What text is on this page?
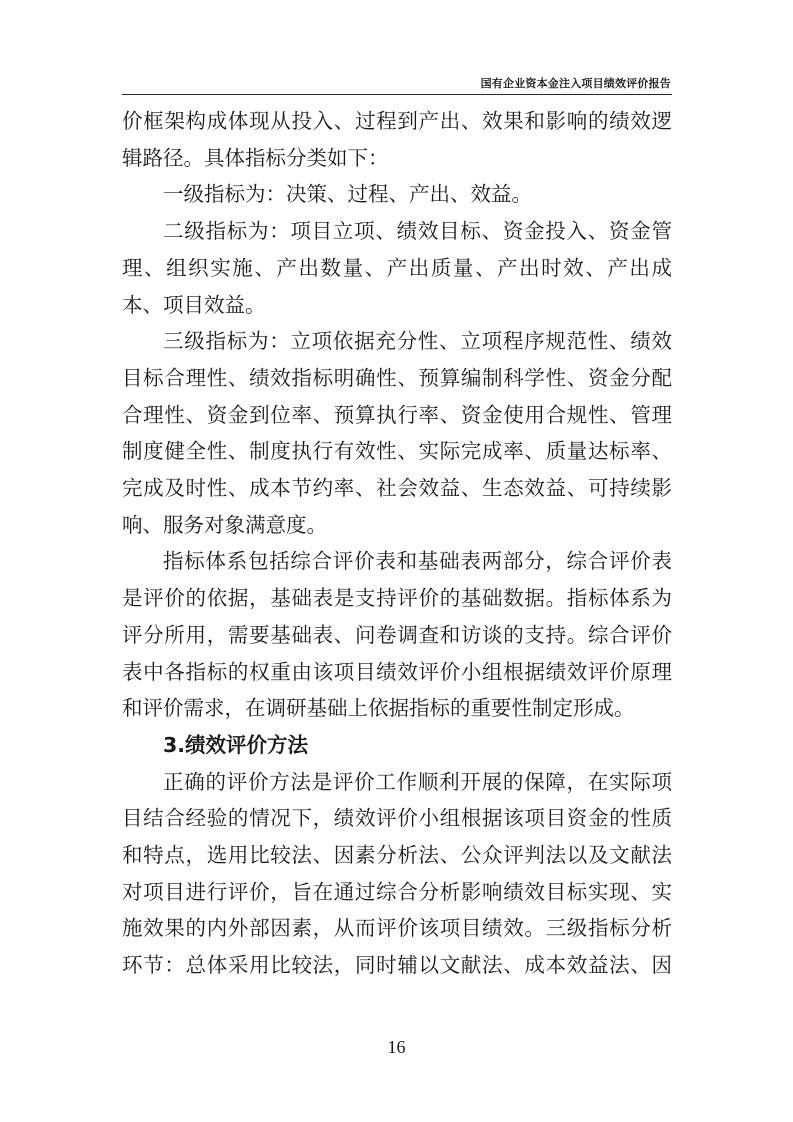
国有企业资本金注入项目绩效评价报告

价框架构成体现从投入、过程到产出、效果和影响的绩效逻辑路径。具体指标分类如下：

一级指标为：决策、过程、产出、效益。

二级指标为：项目立项、绩效目标、资金投入、资金管理、组织实施、产出数量、产出质量、产出时效、产出成本、项目效益。

三级指标为：立项依据充分性、立项程序规范性、绩效目标合理性、绩效指标明确性、预算编制科学性、资金分配合理性、资金到位率、预算执行率、资金使用合规性、管理制度健全性、制度执行有效性、实际完成率、质量达标率、完成及时性、成本节约率、社会效益、生态效益、可持续影响、服务对象满意度。

指标体系包括综合评价表和基础表两部分，综合评价表是评价的依据，基础表是支持评价的基础数据。指标体系为评分所用，需要基础表、问卷调查和访谈的支持。综合评价表中各指标的权重由该项目绩效评价小组根据绩效评价原理和评价需求，在调研基础上依据指标的重要性制定形成。

3.绩效评价方法

正确的评价方法是评价工作顺利开展的保障，在实际项目结合经验的情况下，绩效评价小组根据该项目资金的性质和特点，选用比较法、因素分析法、公众评判法以及文献法对项目进行评价，旨在通过综合分析影响绩效目标实现、实施效果的内外部因素，从而评价该项目绩效。三级指标分析环节：总体采用比较法，同时辅以文献法、成本效益法、因

16
